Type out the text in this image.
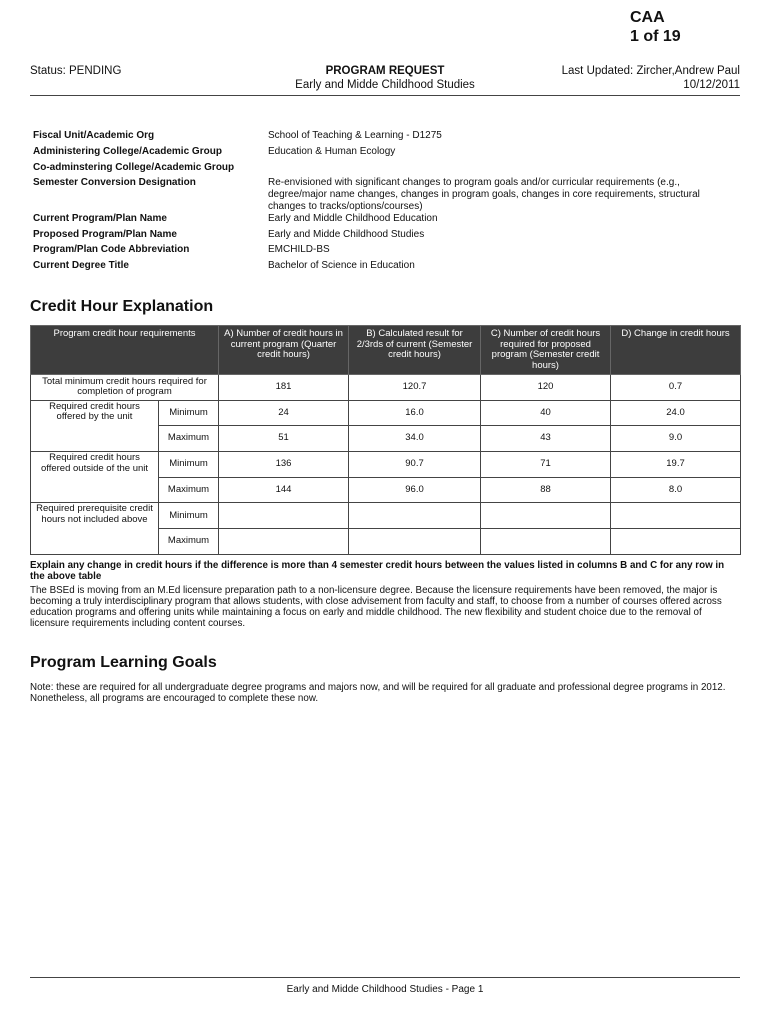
CAA
1 of 19
Status: PENDING	PROGRAM REQUEST
Early and Midde Childhood Studies
Last Updated: Zircher,Andrew Paul
10/12/2011
Fiscal Unit/Academic Org	School of Teaching & Learning - D1275
Administering College/Academic Group	Education & Human Ecology
Co-adminstering College/Academic Group
Semester Conversion Designation	Re-envisioned with significant changes to program goals and/or curricular requirements (e.g., degree/major name changes, changes in program goals, changes in core requirements, structural changes to tracks/options/courses)
Current Program/Plan Name	Early and Middle Childhood Education
Proposed Program/Plan Name	Early and Midde Childhood Studies
Program/Plan Code Abbreviation	EMCHILD-BS
Current Degree Title	Bachelor of Science in Education
Credit Hour Explanation
Program credit hour requirements		A) Number of credit hours in current program (Quarter credit hours)	B) Calculated result for 2/3rds of current (Semester credit hours)	C) Number of credit hours required for proposed program (Semester credit hours)	D) Change in credit hours
Total minimum credit hours required for completion of program		181	120.7	120	0.7
Required credit hours offered by the unit	Minimum	24	16.0	40	24.0
	Maximum	51	34.0	43	9.0
Required credit hours offered outside of the unit	Minimum	136	90.7	71	19.7
	Maximum	144	96.0	88	8.0
Required prerequisite credit hours not included above	Minimum				
	Maximum				
Explain any change in credit hours if the difference is more than 4 semester credit hours between the values listed in columns B and C for any row in the above table
The BSEd is moving from an M.Ed licensure preparation path to a non-licensure degree. Because the licensure requirements have been removed, the major is becoming a truly interdisciplinary program that allows students, with close advisement from faculty and staff, to choose from a number of courses offered across education programs and offering units while maintaining a focus on early and middle childhood. The new flexibility and student choice due to the removal of licensure requirements including content courses.
Program Learning Goals
Note: these are required for all undergraduate degree programs and majors now, and will be required for all graduate and professional degree programs in 2012. Nonetheless, all programs are encouraged to complete these now.
Early and Midde Childhood Studies - Page 1
